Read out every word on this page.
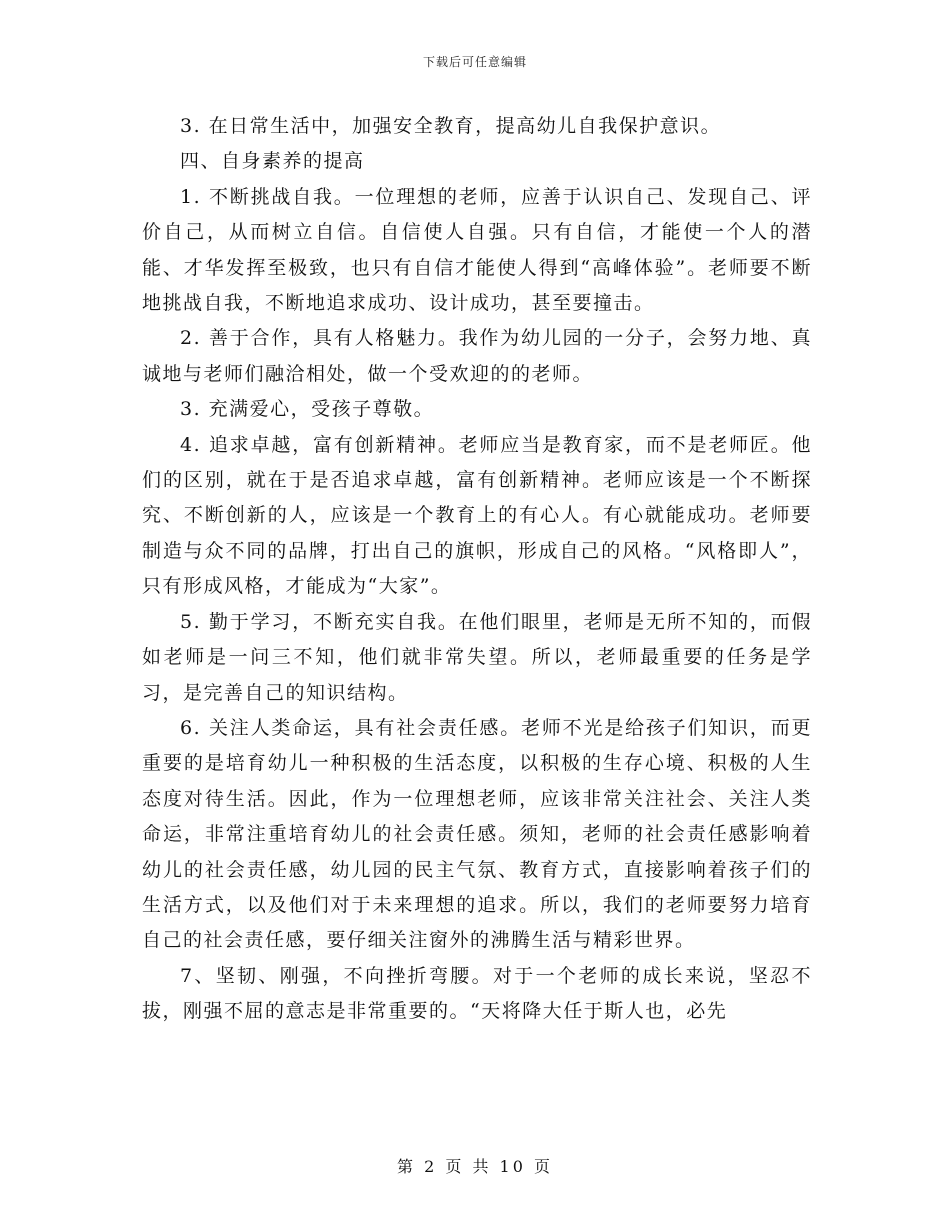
下载后可任意编辑

3. 在日常生活中，加强安全教育，提高幼儿自我保护意识。

四、自身素养的提高

1. 不断挑战自我。一位理想的老师，应善于认识自己、发现自己、评价自己，从而树立自信。自信使人自强。只有自信，才能使一个人的潜能、才华发挥至极致，也只有自信才能使人得到“高峰体验”。老师要不断地挑战自我，不断地追求成功、设计成功，甚至要撞击。

2. 善于合作，具有人格魅力。我作为幼儿园的一分子，会努力地、真诚地与老师们融洽相处，做一个受欢迎的的老师。

3. 充满爱心，受孩子尊敬。

4. 追求卓越，富有创新精神。老师应当是教育家，而不是老师匠。他们的区别，就在于是否追求卓越，富有创新精神。老师应该是一个不断探究、不断创新的人，应该是一个教育上的有心人。有心就能成功。老师要制造与众不同的品牌，打出自己的旗帜，形成自己的风格。“风格即人”，只有形成风格，才能成为“大家”。

5. 勤于学习，不断充实自我。在他们眼里，老师是无所不知的，而假如老师是一问三不知，他们就非常失望。所以，老师最重要的任务是学习，是完善自己的知识结构。

6. 关注人类命运，具有社会责任感。老师不光是给孩子们知识，而更重要的是培育幼儿一种积极的生活态度，以积极的生存心境、积极的人生态度对待生活。因此，作为一位理想老师，应该非常关注社会、关注人类命运，非常注重培育幼儿的社会责任感。须知，老师的社会责任感影响着幼儿的社会责任感，幼儿园的民主气氛、教育方式，直接影响着孩子们的生活方式，以及他们对于未来理想的追求。所以，我们的老师要努力培育自己的社会责任感，要仔细关注窗外的沸腾生活与精彩世界。

7、坚韧、刚强，不向挫折弯腰。对于一个老师的成长来说，坚忍不拔，刚强不屈的意志是非常重要的。“天将降大任于斯人也，必先

第 2 页 共 10 页
